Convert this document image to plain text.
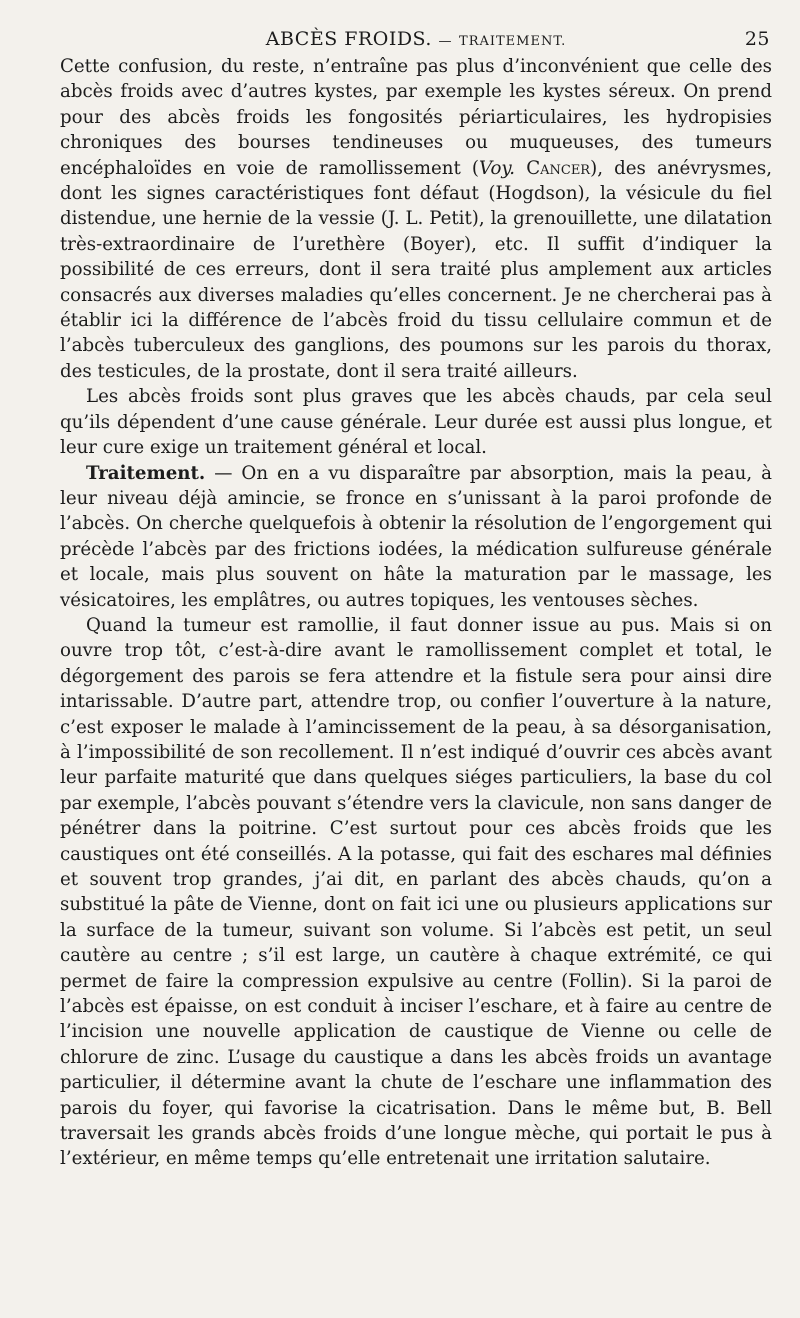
ABCÈS FROIDS. — TRAITEMENT.	25

Cette confusion, du reste, n’entraîne pas plus d’inconvénient que celle des abcès froids avec d’autres kystes, par exemple les kystes séreux. On prend pour des abcès froids les fongosités périarticulaires, les hydropisies chroniques des bourses tendineuses ou muqueuses, des tumeurs encéphaloïdes en voie de ramollissement (Voy. Cancer), des anévrysmes, dont les signes caractéristiques font défaut (Hogdson), la vésicule du fiel distendue, une hernie de la vessie (J. L. Petit), la grenouillette, une dilatation très-extraordinaire de l’urethère (Boyer), etc. Il suffit d’indiquer la possibilité de ces erreurs, dont il sera traité plus amplement aux articles consacrés aux diverses maladies qu’elles concernent. Je ne chercherai pas à établir ici la différence de l’abcès froid du tissu cellulaire commun et de l’abcès tuberculeux des ganglions, des poumons sur les parois du thorax, des testicules, de la prostate, dont il sera traité ailleurs.

Les abcès froids sont plus graves que les abcès chauds, par cela seul qu’ils dépendent d’une cause générale. Leur durée est aussi plus longue, et leur cure exige un traitement général et local.

Traitement. — On en a vu disparaître par absorption, mais la peau, à leur niveau déjà amincie, se fronce en s’unissant à la paroi profonde de l’abcès. On cherche quelquefois à obtenir la résolution de l’engorgement qui précède l’abcès par des frictions iodées, la médication sulfureuse générale et locale, mais plus souvent on hâte la maturation par le massage, les vésicatoires, les emplâtres, ou autres topiques, les ventouses sèches.

Quand la tumeur est ramollie, il faut donner issue au pus. Mais si on ouvre trop tôt, c’est-à-dire avant le ramollissement complet et total, le dégorgement des parois se fera attendre et la fistule sera pour ainsi dire intarissable. D’autre part, attendre trop, ou confier l’ouverture à la nature, c’est exposer le malade à l’amincissement de la peau, à sa désorganisation, à l’impossibilité de son recollement. Il n’est indiqué d’ouvrir ces abcès avant leur parfaite maturité que dans quelques siéges particuliers, la base du col par exemple, l’abcès pouvant s’étendre vers la clavicule, non sans danger de pénétrer dans la poitrine. C’est surtout pour ces abcès froids que les caustiques ont été conseillés. A la potasse, qui fait des eschares mal définies et souvent trop grandes, j’ai dit, en parlant des abcès chauds, qu’on a substitué la pâte de Vienne, dont on fait ici une ou plusieurs applications sur la surface de la tumeur, suivant son volume. Si l’abcès est petit, un seul cautère au centre ; s’il est large, un cautère à chaque extrémité, ce qui permet de faire la compression expulsive au centre (Follin). Si la paroi de l’abcès est épaisse, on est conduit à inciser l’eschare, et à faire au centre de l’incision une nouvelle application de caustique de Vienne ou celle de chlorure de zinc. L’usage du caustique a dans les abcès froids un avantage particulier, il détermine avant la chute de l’eschare une inflammation des parois du foyer, qui favorise la cicatrisation. Dans le même but, B. Bell traversait les grands abcès froids d’une longue mèche, qui portait le pus à l’extérieur, en même temps qu’elle entretenait une irritation salutaire.
